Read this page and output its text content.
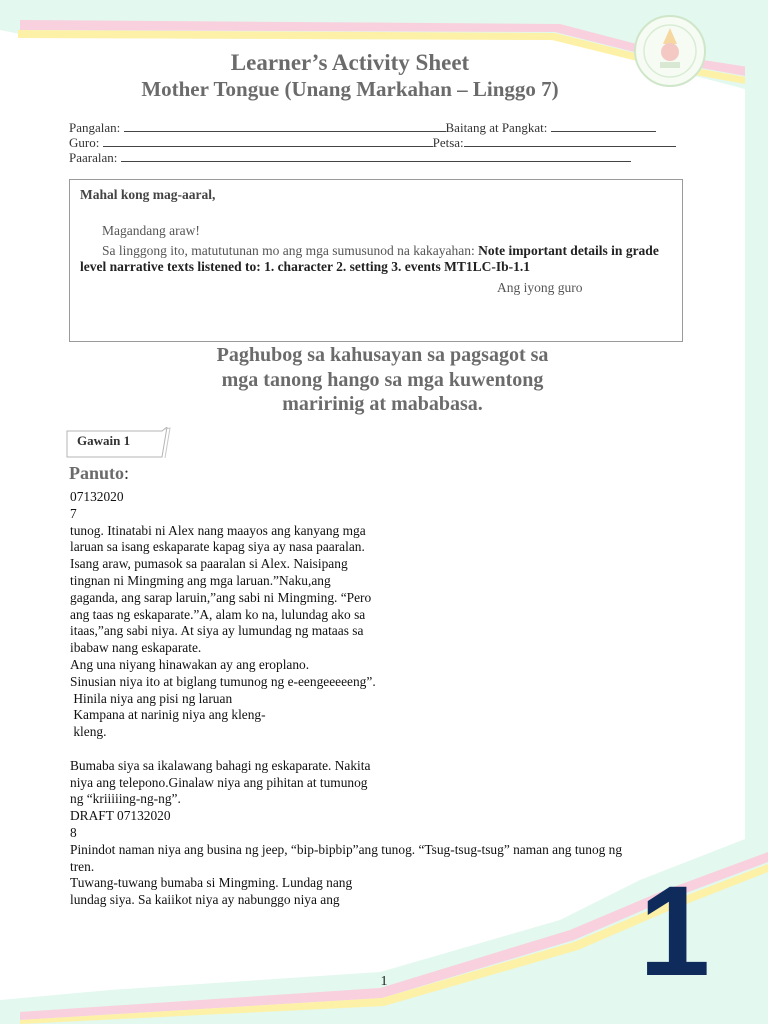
Learner’s Activity Sheet
Mother Tongue (Unang Markahan – Linggo 7)
Pangalan:	Baitang at Pangkat:
Guro:	Petsa:
Paaralan:
Mahal kong mag-aaral,
Magandang araw!
Sa linggong ito, matututunan mo ang mga sumusunod na kakayahan: Note important details in grade level narrative texts listened to: 1. character 2. setting 3. events MT1LC-Ib-1.1
Ang iyong guro
Paghubog sa kahusayan sa pagsagot sa
mga tanong hango sa mga kuwentong
maririnig at mababasa.
Gawain 1
Panuto:
07132020
7
tunog. Itinatabi ni Alex nang maayos ang kanyang mga
laruan sa isang eskaparate kapag siya ay nasa paaralan.
Isang araw, pumasok sa paaralan si Alex. Naisipang
tingnan ni Mingming ang mga laruan.”Naku,ang
gaganda, ang sarap laruin,”ang sabi ni Mingming. “Pero
ang taas ng eskaparate.”A, alam ko na, lulundag ako sa
itaas,”ang sabi niya. At siya ay lumundag ng mataas sa
ibabaw nang eskaparate.
Ang una niyang hinawakan ay ang eroplano.
Sinusian niya ito at biglang tumunog ng e-eengeeeeeng”.
Hinila niya ang pisi ng laruan
Kampana at narinig niya ang kleng-
kleng.
Bumaba siya sa ikalawang bahagi ng eskaparate. Nakita
niya ang telepono.Ginalaw niya ang pihitan at tumunog
ng “kriiiiing-ng-ng”.
DRAFT 07132020
8
Pinindot naman niya ang busina ng jeep, “bip-bipbip”ang tunog. “Tsug-tsug-tsug” naman ang tunog ng
tren.
Tuwang-tuwang bumaba si Mingming. Lundag nang
lundag siya. Sa kaiikot niya ay nabunggo niya ang	1
1
